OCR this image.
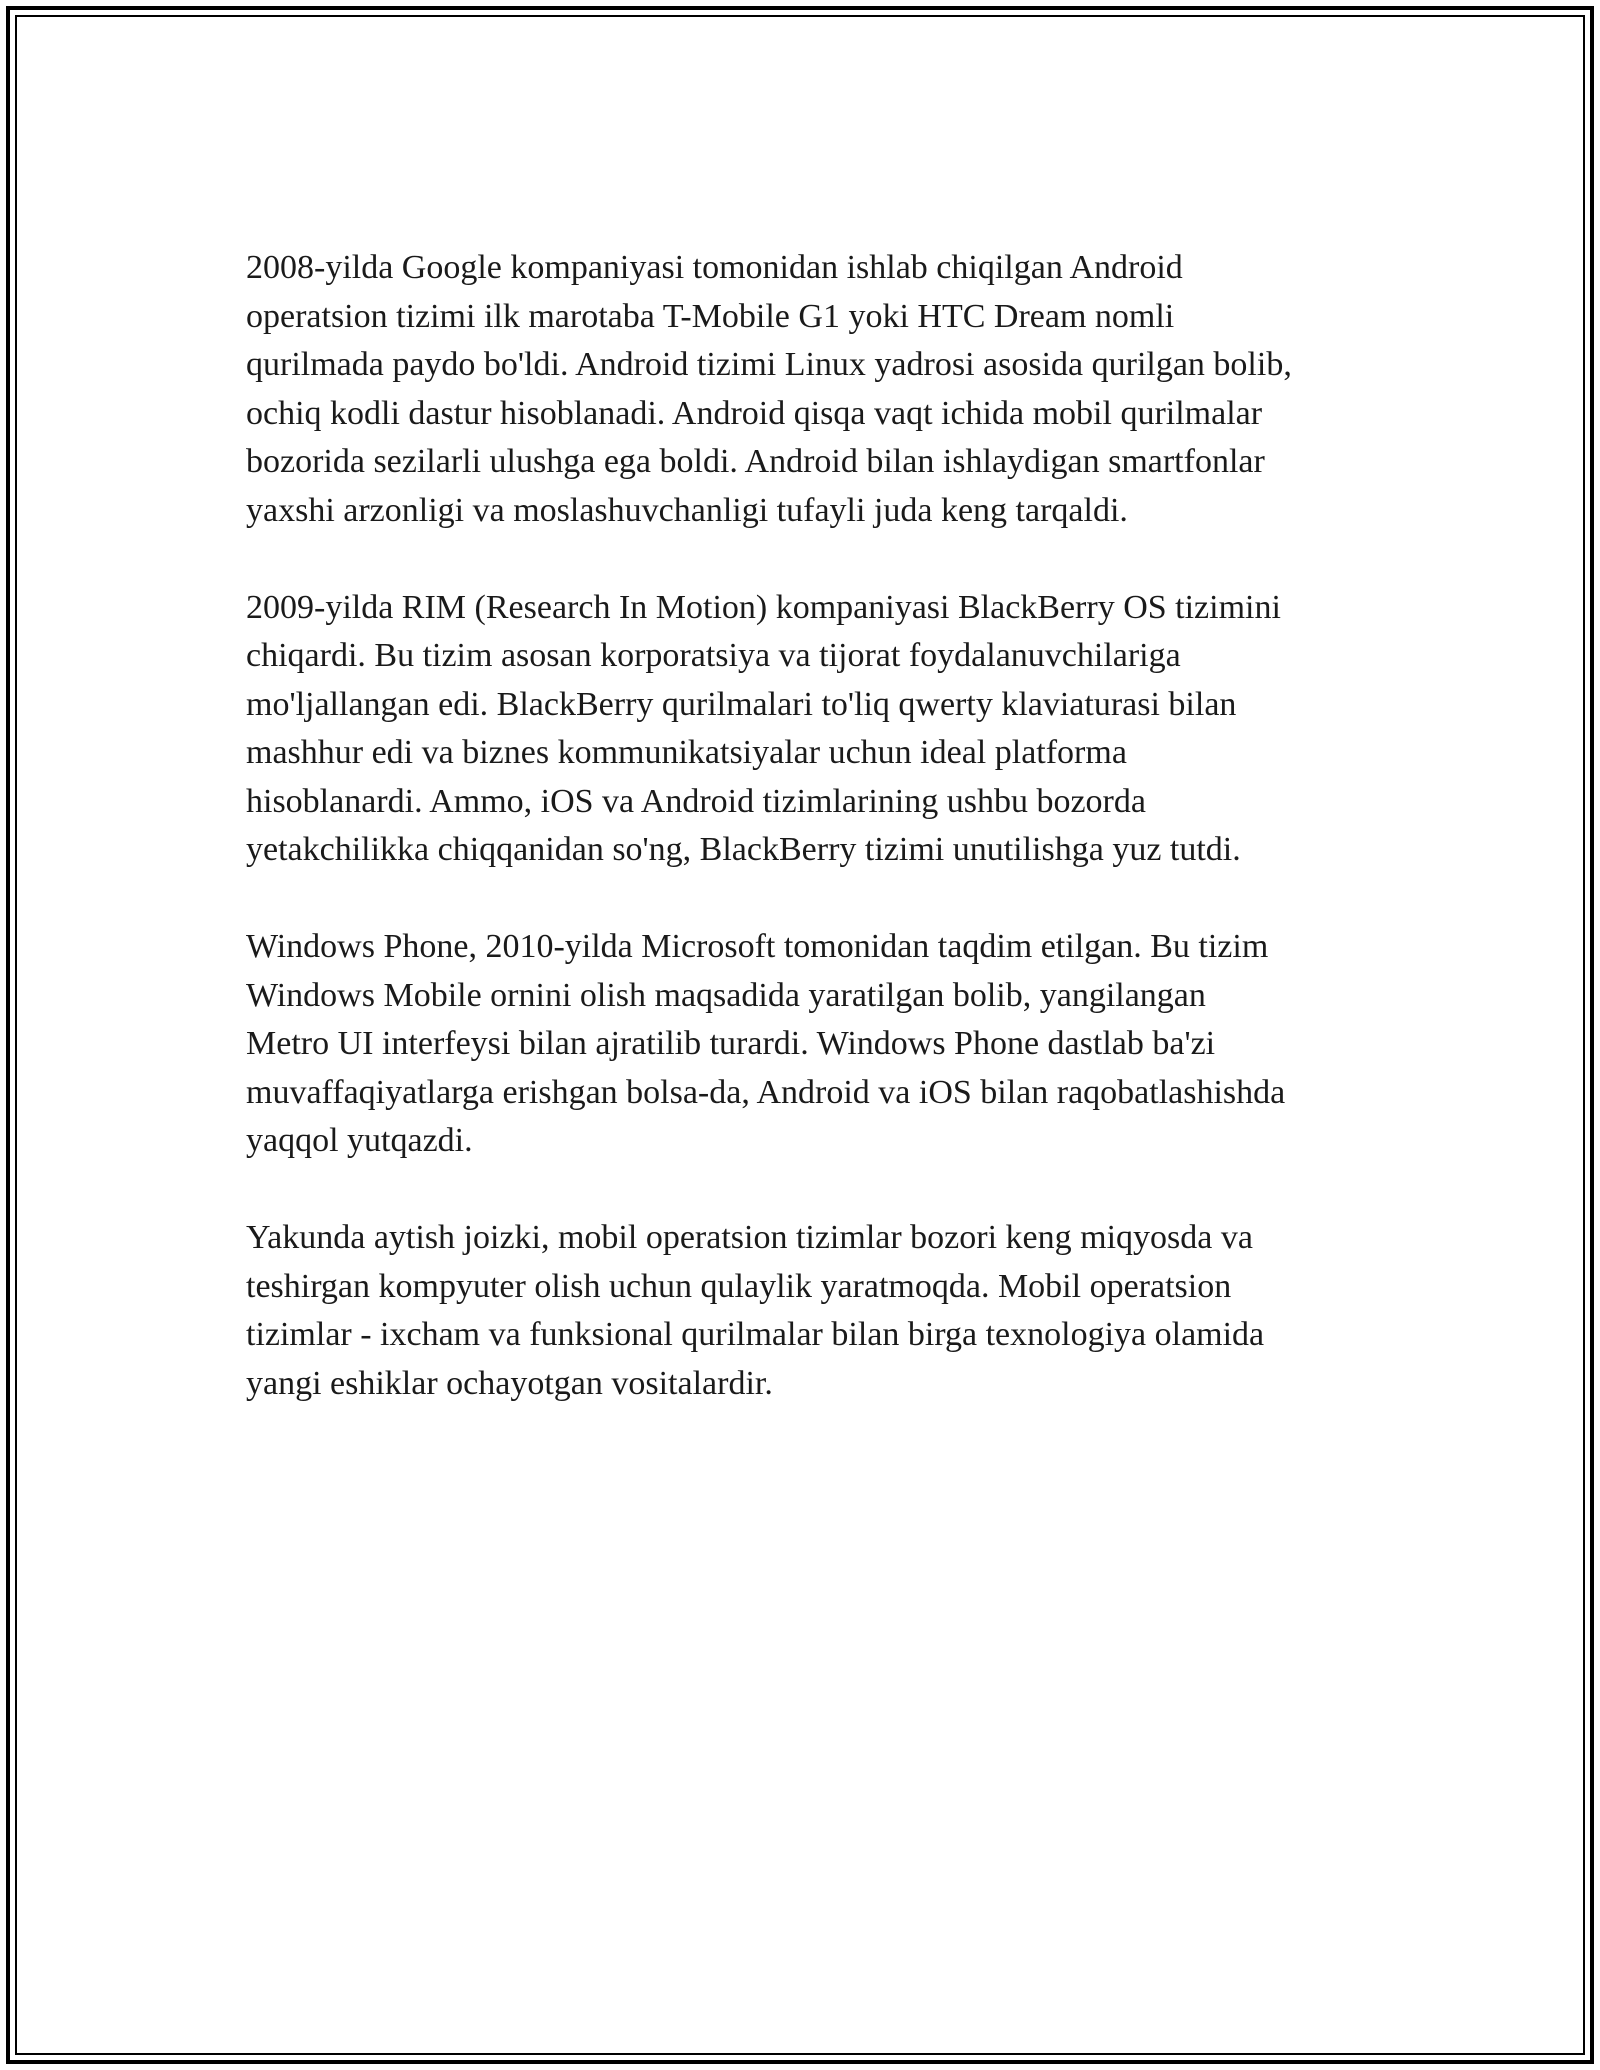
2008-yilda Google kompaniyasi tomonidan ishlab chiqilgan Android
operatsion tizimi ilk marotaba T-Mobile G1 yoki HTC Dream nomli
qurilmada paydo bo'ldi. Android tizimi Linux yadrosi asosida qurilgan bolib,
ochiq kodli dastur hisoblanadi. Android qisqa vaqt ichida mobil qurilmalar
bozorida sezilarli ulushga ega boldi. Android bilan ishlaydigan smartfonlar
yaxshi arzonligi va moslashuvchanligi tufayli juda keng tarqaldi.

2009-yilda RIM (Research In Motion) kompaniyasi BlackBerry OS tizimini
chiqardi. Bu tizim asosan korporatsiya va tijorat foydalanuvchilariga
mo'ljallangan edi. BlackBerry qurilmalari to'liq qwerty klaviaturasi bilan
mashhur edi va biznes kommunikatsiyalar uchun ideal platforma
hisoblanardi. Ammo, iOS va Android tizimlarining ushbu bozorda
yetakchilikka chiqqanidan so'ng, BlackBerry tizimi unutilishga yuz tutdi.

Windows Phone, 2010-yilda Microsoft tomonidan taqdim etilgan. Bu tizim
Windows Mobile ornini olish maqsadida yaratilgan bolib, yangilangan
Metro UI interfeysi bilan ajratilib turardi. Windows Phone dastlab ba'zi
muvaffaqiyatlarga erishgan bolsa-da, Android va iOS bilan raqobatlashishda
yaqqol yutqazdi.

Yakunda aytish joizki, mobil operatsion tizimlar bozori keng miqyosda va
teshirgan kompyuter olish uchun qulaylik yaratmoqda. Mobil operatsion
tizimlar - ixcham va funksional qurilmalar bilan birga texnologiya olamida
yangi eshiklar ochayotgan vositalardir.
